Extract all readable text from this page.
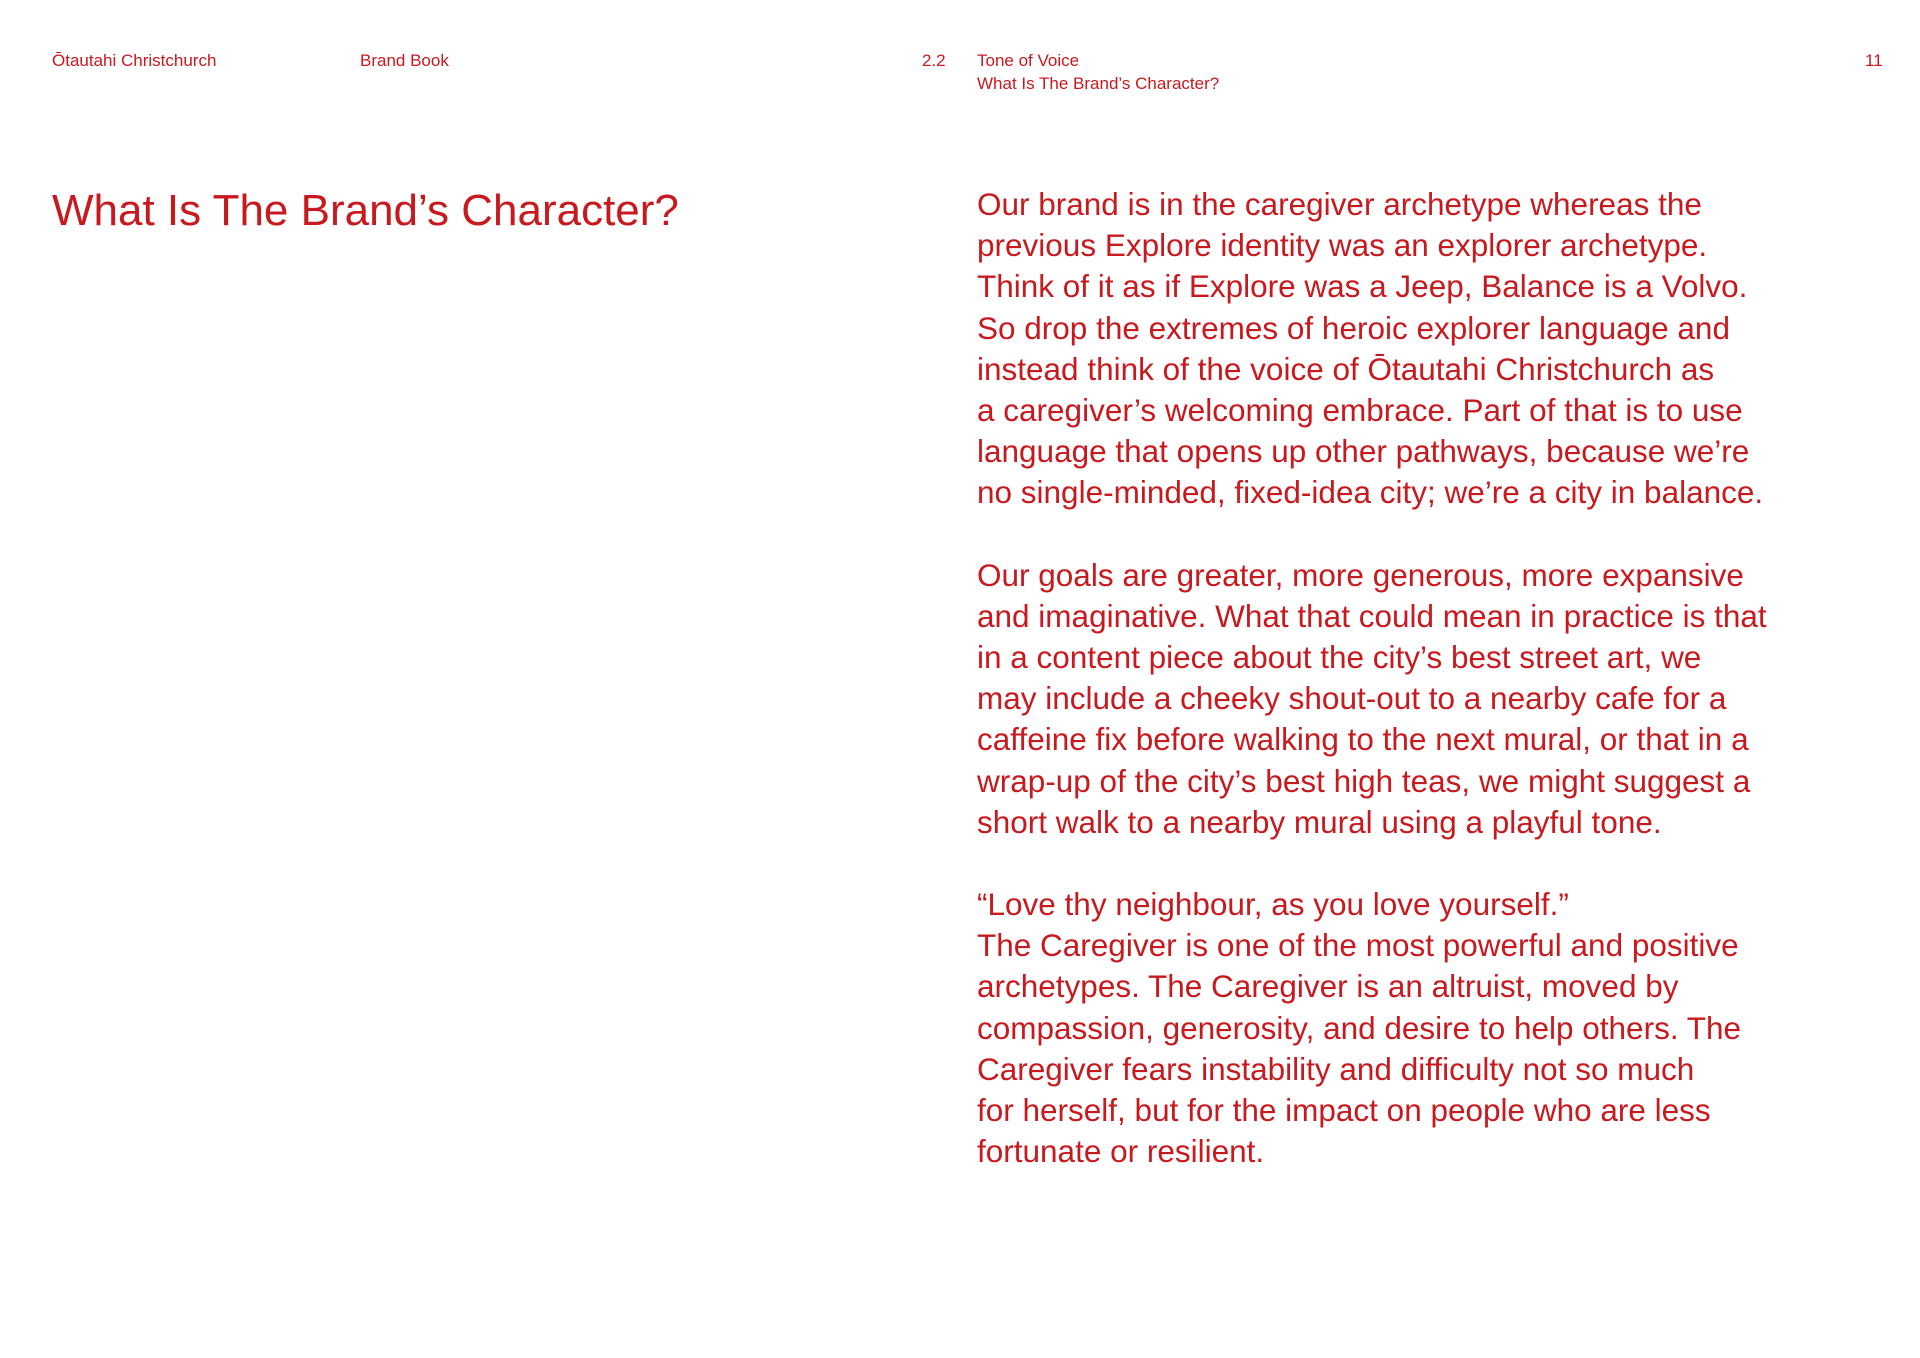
Ōtautahi Christchurch	Brand Book	2.2 Tone of Voice
What Is The Brand’s Character?
11
What Is The Brand’s Character?	Our brand is in the caregiver archetype whereas the
previous Explore identity was an explorer archetype.
Think of it as if Explore was a Jeep, Balance is a Volvo.
So drop the extremes of heroic explorer language and
instead think of the voice of Ōtautahi Christchurch as
a caregiver’s welcoming embrace. Part of that is to use
language that opens up other pathways, because we’re
no single-minded, fixed-idea city; we’re a city in balance.

Our goals are greater, more generous, more expansive
and imaginative. What that could mean in practice is that
in a content piece about the city’s best street art, we
may include a cheeky shout-out to a nearby cafe for a
caffeine fix before walking to the next mural, or that in a
wrap-up of the city’s best high teas, we might suggest a
short walk to a nearby mural using a playful tone.

“Love thy neighbour, as you love yourself.”
The Caregiver is one of the most powerful and positive
archetypes. The Caregiver is an altruist, moved by
compassion, generosity, and desire to help others. The
Caregiver fears instability and difficulty not so much
for herself, but for the impact on people who are less
fortunate or resilient.
